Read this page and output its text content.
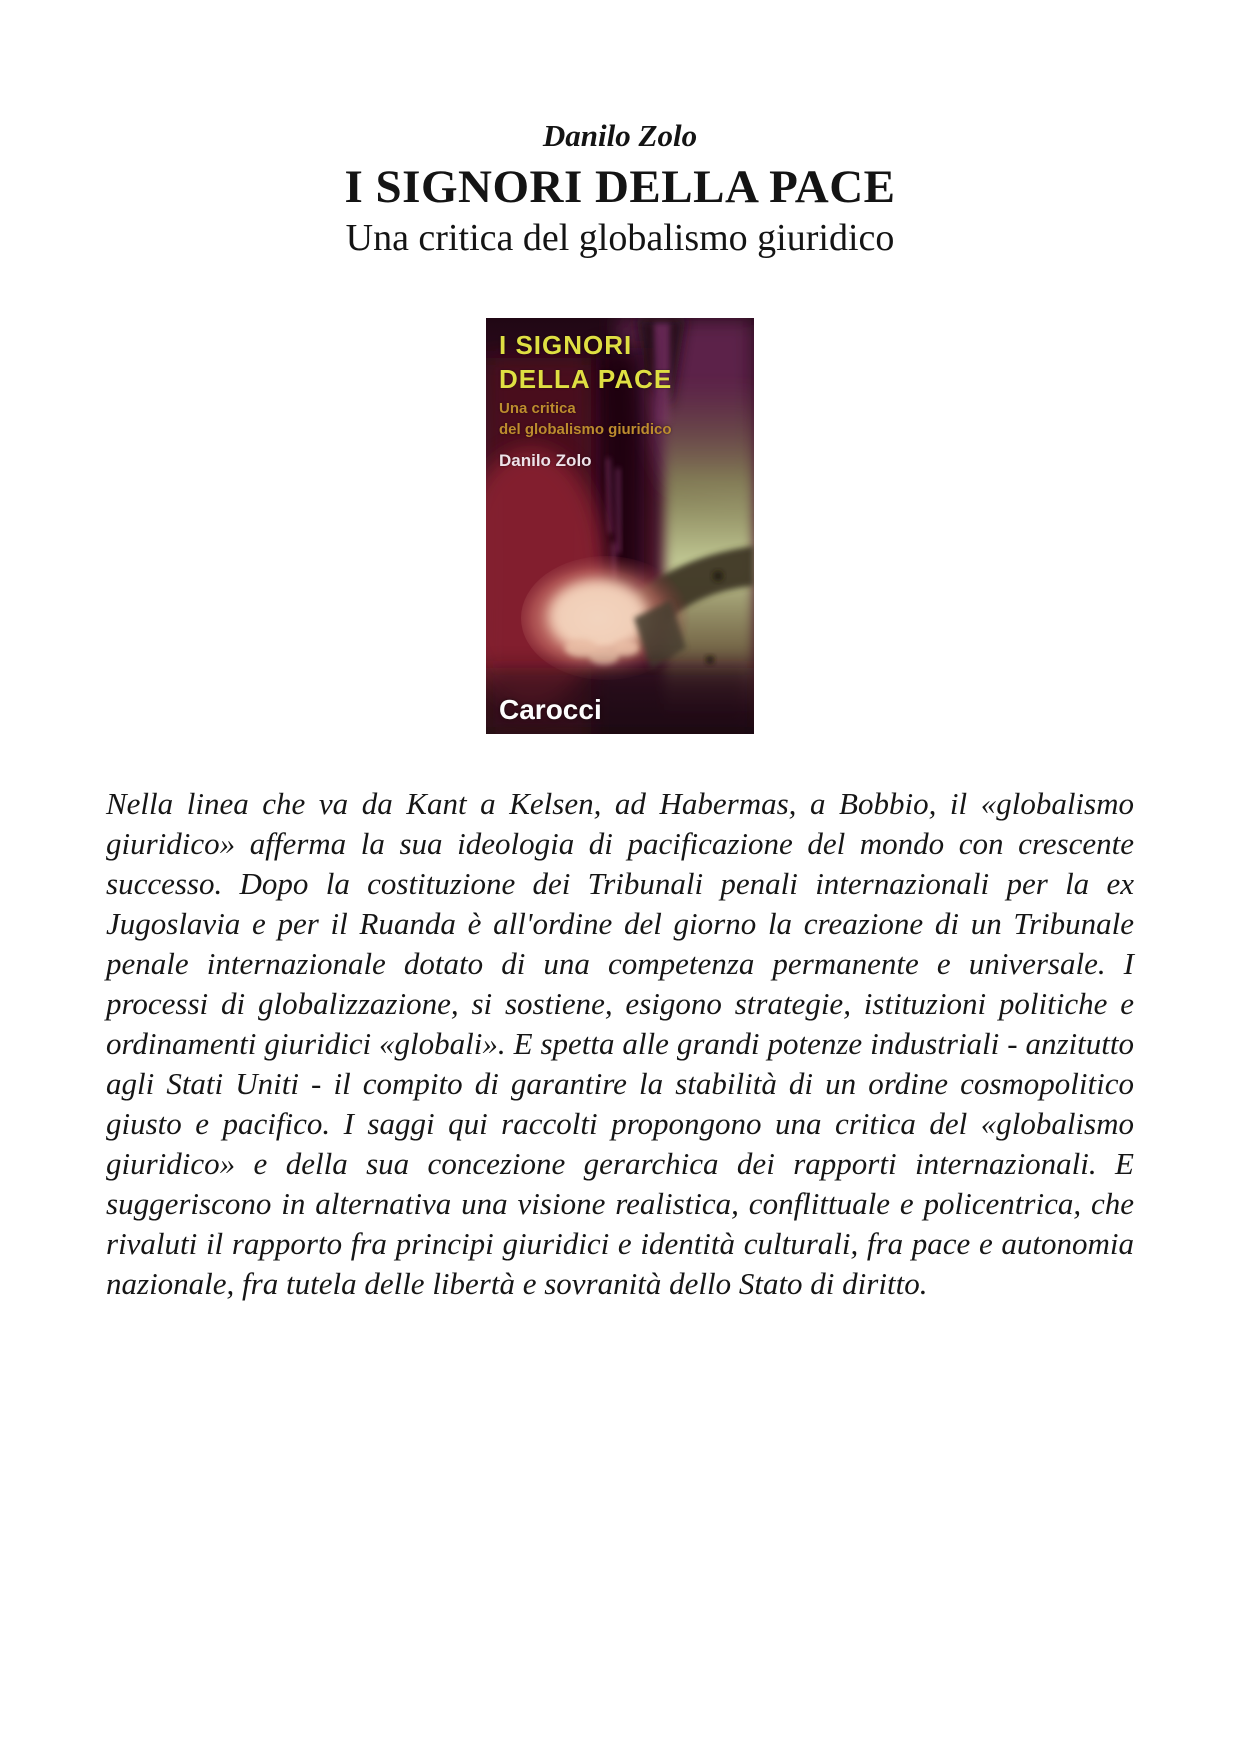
Danilo Zolo
I SIGNORI DELLA PACE
Una critica del globalismo giuridico
I SIGNORI
DELLA PACE
Una critica
del globalismo giuridico
Danilo Zolo
Carocci

Nella linea che va da Kant a Kelsen, ad Habermas, a Bobbio, il «globalismo giuridico» afferma la sua ideologia di pacificazione del mondo con crescente successo. Dopo la costituzione dei Tribunali penali internazionali per la ex Jugoslavia e per il Ruanda è all'ordine del giorno la creazione di un Tribunale penale internazionale dotato di una competenza permanente e universale. I processi di globalizzazione, si sostiene, esigono strategie, istituzioni politiche e ordinamenti giuridici «globali». E spetta alle grandi potenze industriali - anzitutto agli Stati Uniti - il compito di garantire la stabilità di un ordine cosmopolitico giusto e pacifico. I saggi qui raccolti propongono una critica del «globalismo giuridico» e della sua concezione gerarchica dei rapporti internazionali. E suggeriscono in alternativa una visione realistica, conflittuale e policentrica, che rivaluti il rapporto fra principi giuridici e identità culturali, fra pace e autonomia nazionale, fra tutela delle libertà e sovranità dello Stato di diritto.
